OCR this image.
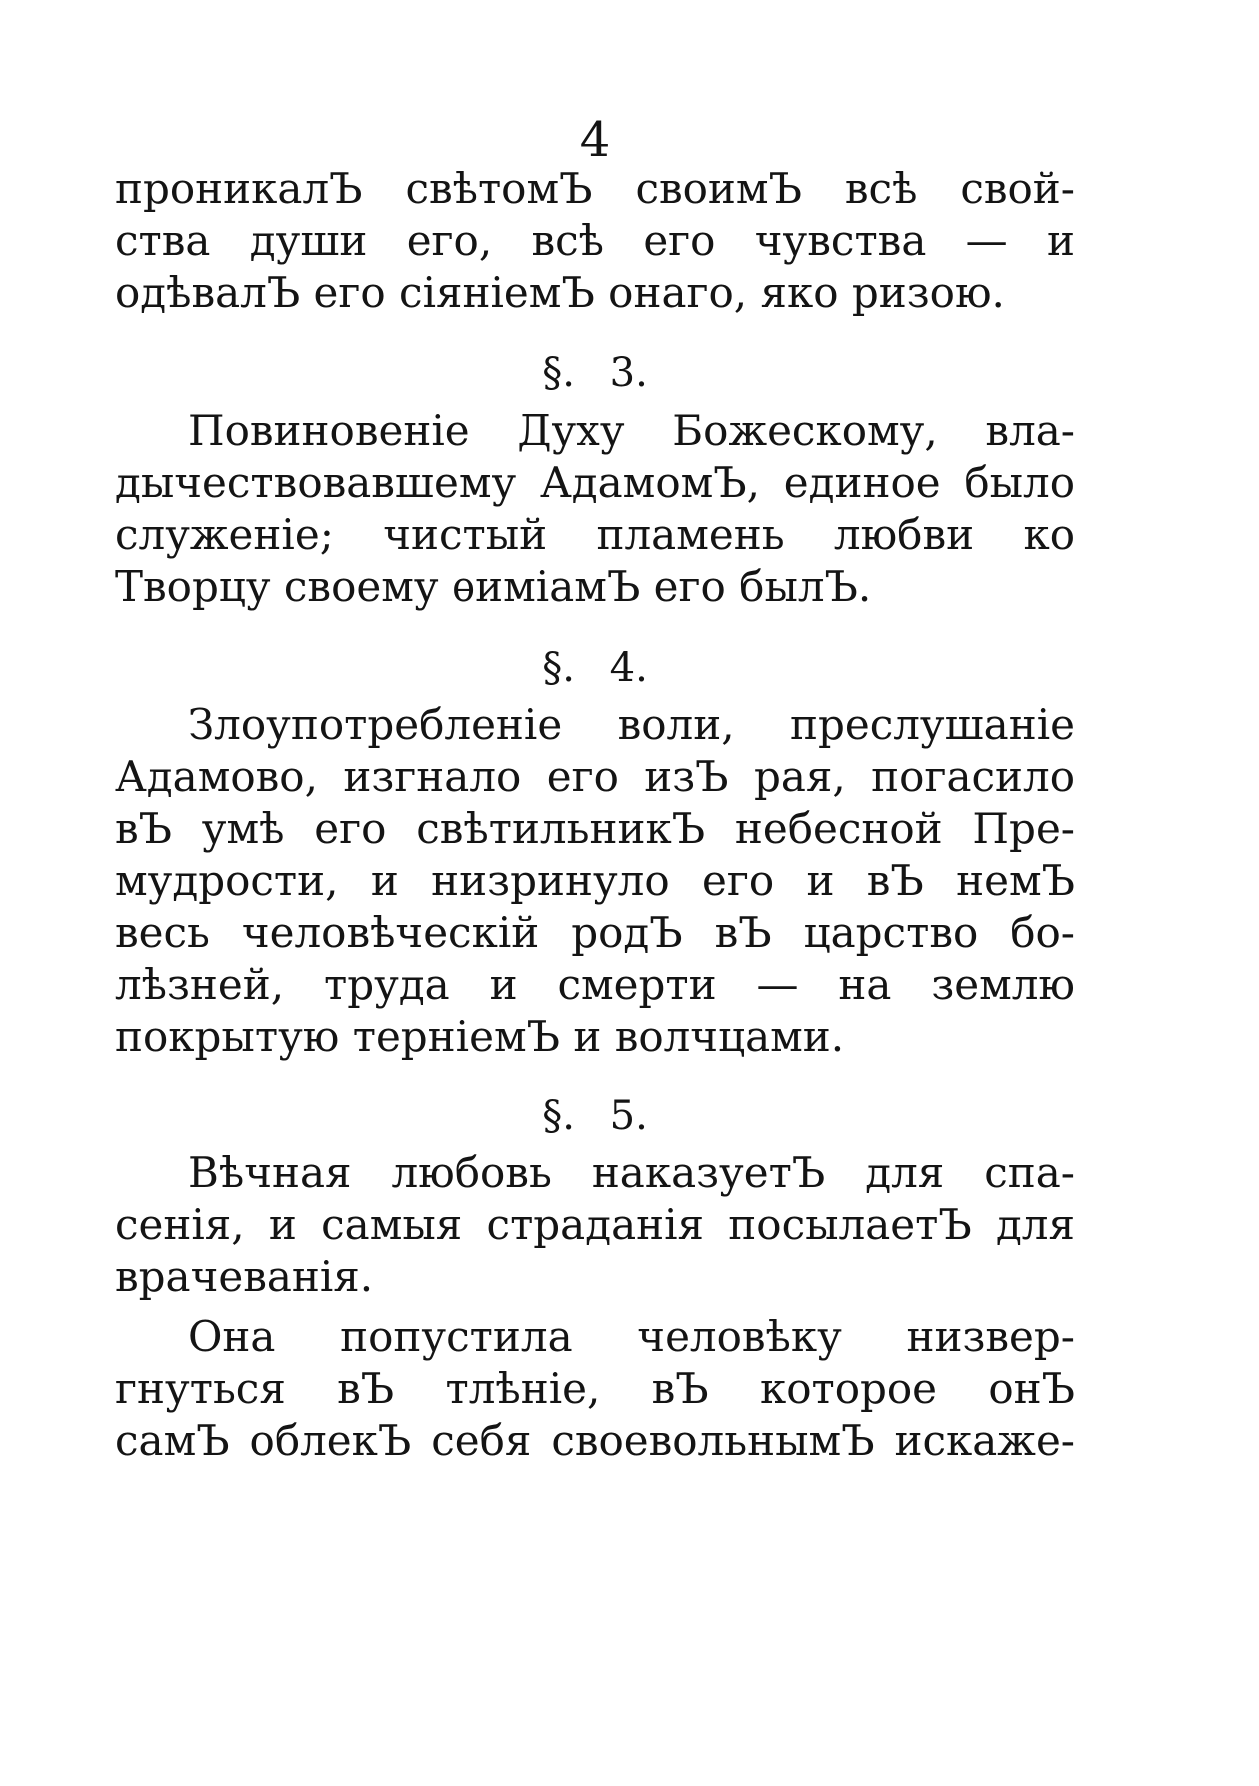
4
проникалЪ свѣтомЪ своимЪ всѣ свой-
ства души его, всѣ его чувства — и
одѣвалЪ его сіяніемЪ онаго, яко ризою.
§. 3.
Повиновеніе Духу Божескому, вла-
дычествовавшему АдамомЪ, единое было
служеніе; чистый пламень любви ко
Творцу своему ѳиміамЪ его былЪ.
§. 4.
Злоупотребленіе воли, преслушаніе
Адамово, изгнало его изЪ рая, погасило
вЪ умѣ его свѣтильникЪ небесной Пре-
мудрости, и низринуло его и вЪ немЪ
весь человѣческій родЪ вЪ царство бо-
лѣзней, труда и смерти — на землю
покрытую терніемЪ и волчцами.
§. 5.
Вѣчная любовь наказуетЪ для спа-
сенія, и самыя страданія посылаетЪ для
врачеванія.
Она попустила человѣку низвер-
гнуться вЪ тлѣніе, вЪ которое онЪ
самЪ облекЪ себя своевольнымЪ искаже-
